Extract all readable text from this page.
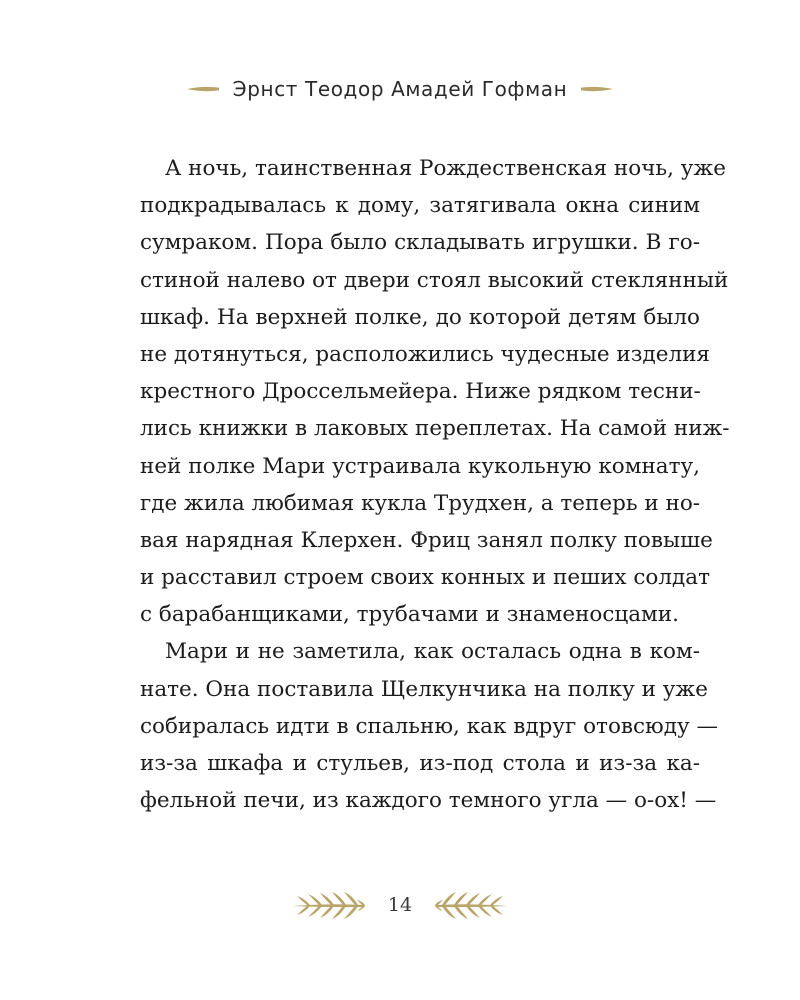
Эрнст Теодор Амадей Гофман
А ночь, таинственная Рождественская ночь, уже
подкрадывалась к дому, затягивала окна синим
сумраком. Пора было складывать игрушки. В го-
стиной налево от двери стоял высокий стеклянный
шкаф. На верхней полке, до которой детям было
не дотянуться, расположились чудесные изделия
крестного Дроссельмейера. Ниже рядком тесни-
лись книжки в лаковых переплетах. На самой ниж-
ней полке Мари устраивала кукольную комнату,
где жила любимая кукла Трудхен, а теперь и но-
вая нарядная Клерхен. Фриц занял полку повыше
и расставил строем своих конных и пеших солдат
с барабанщиками, трубачами и знаменосцами.
Мари и не заметила, как осталась одна в ком-
нате. Она поставила Щелкунчика на полку и уже
собиралась идти в спальню, как вдруг отовсюду —
из-за шкафа и стульев, из-под стола и из-за ка-
фельной печи, из каждого темного угла — о-ох! —
14
